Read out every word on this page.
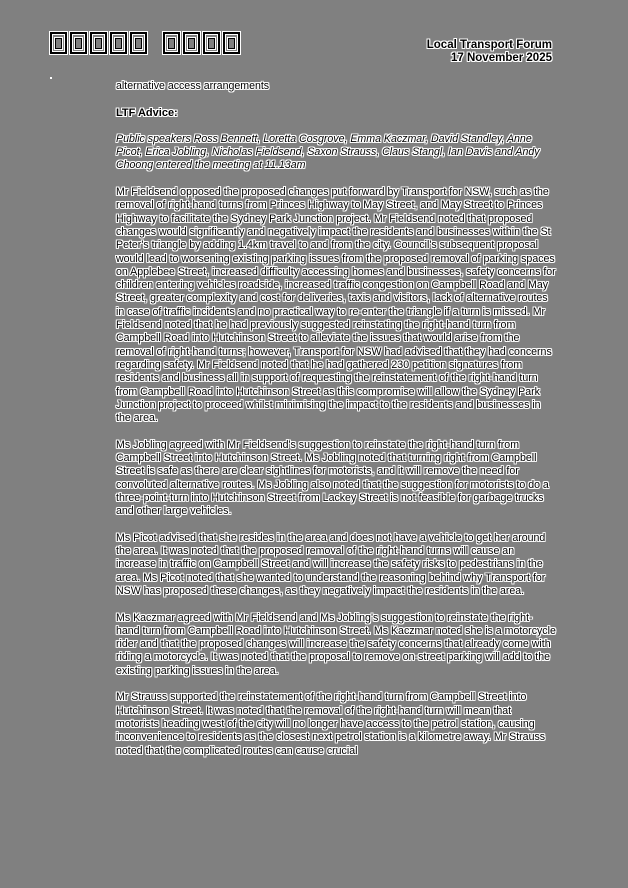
Local Transport Forum
17 November 2025

alternative access arrangements

LTF Advice:

Public speakers Ross Bennett, Loretta Cosgrove, Emma Kaczmar, David Standley, Anne Picot, Erica Jobling, Nicholas Fieldsend, Saxon Strauss, Claus Stangl, Ian Davis and Andy Choong entered the meeting at 11.13am

Mr Fieldsend opposed the proposed changes put forward by Transport for NSW, such as the removal of right-hand turns from Princes Highway to May Street, and May Street to Princes Highway to facilitate the Sydney Park Junction project. Mr Fieldsend noted that proposed changes would significantly and negatively impact the residents and businesses within the St Peter's triangle by adding 1.4km travel to and from the city. Council's subsequent proposal would lead to worsening existing parking issues from the proposed removal of parking spaces on Applebee Street, increased difficulty accessing homes and businesses, safety concerns for children entering vehicles roadside, increased traffic congestion on Campbell Road and May Street, greater complexity and cost for deliveries, taxis and visitors, lack of alternative routes in case of traffic incidents and no practical way to re-enter the triangle if a turn is missed. Mr Fieldsend noted that he had previously suggested reinstating the right-hand turn from Campbell Road into Hutchinson Street to alleviate the issues that would arise from the removal of right-hand turns; however, Transport for NSW had advised that they had concerns regarding safety. Mr Fieldsend noted that he had gathered 230 petition signatures from residents and business all in support of requesting the reinstatement of the right-hand turn from Campbell Road into Hutchinson Street as this compromise will allow the Sydney Park Junction project to proceed whilst minimising the impact to the residents and businesses in the area.

Ms Jobling agreed with Mr Fieldsend's suggestion to reinstate the right-hand turn from Campbell Street into Hutchinson Street. Ms Jobling noted that turning right from Campbell Street is safe as there are clear sightlines for motorists, and it will remove the need for convoluted alternative routes. Ms Jobling also noted that the suggestion for motorists to do a three-point-turn into Hutchinson Street from Lackey Street is not feasible for garbage trucks and other large vehicles.

Ms Picot advised that she resides in the area and does not have a vehicle to get her around the area. It was noted that the proposed removal of the right-hand turns will cause an increase in traffic on Campbell Street and will increase the safety risks to pedestrians in the area. Ms Picot noted that she wanted to understand the reasoning behind why Transport for NSW has proposed these changes, as they negatively impact the residents in the area.

Ms Kaczmar agreed with Mr Fieldsend and Ms Jobling's suggestion to reinstate the right-hand turn from Campbell Road into Hutchinson Street. Ms Kaczmar noted she is a motorcycle rider and that the proposed changes will increase the safety concerns that already come with riding a motorcycle. It was noted that the proposal to remove on-street parking will add to the existing parking issues in the area.

Mr Strauss supported the reinstatement of the right-hand turn from Campbell Street into Hutchinson Street. It was noted that the removal of the right-hand turn will mean that motorists heading west of the city will no longer have access to the petrol station, causing inconvenience to residents as the closest next petrol station is a kilometre away. Mr Strauss noted that the complicated routes can cause crucial
